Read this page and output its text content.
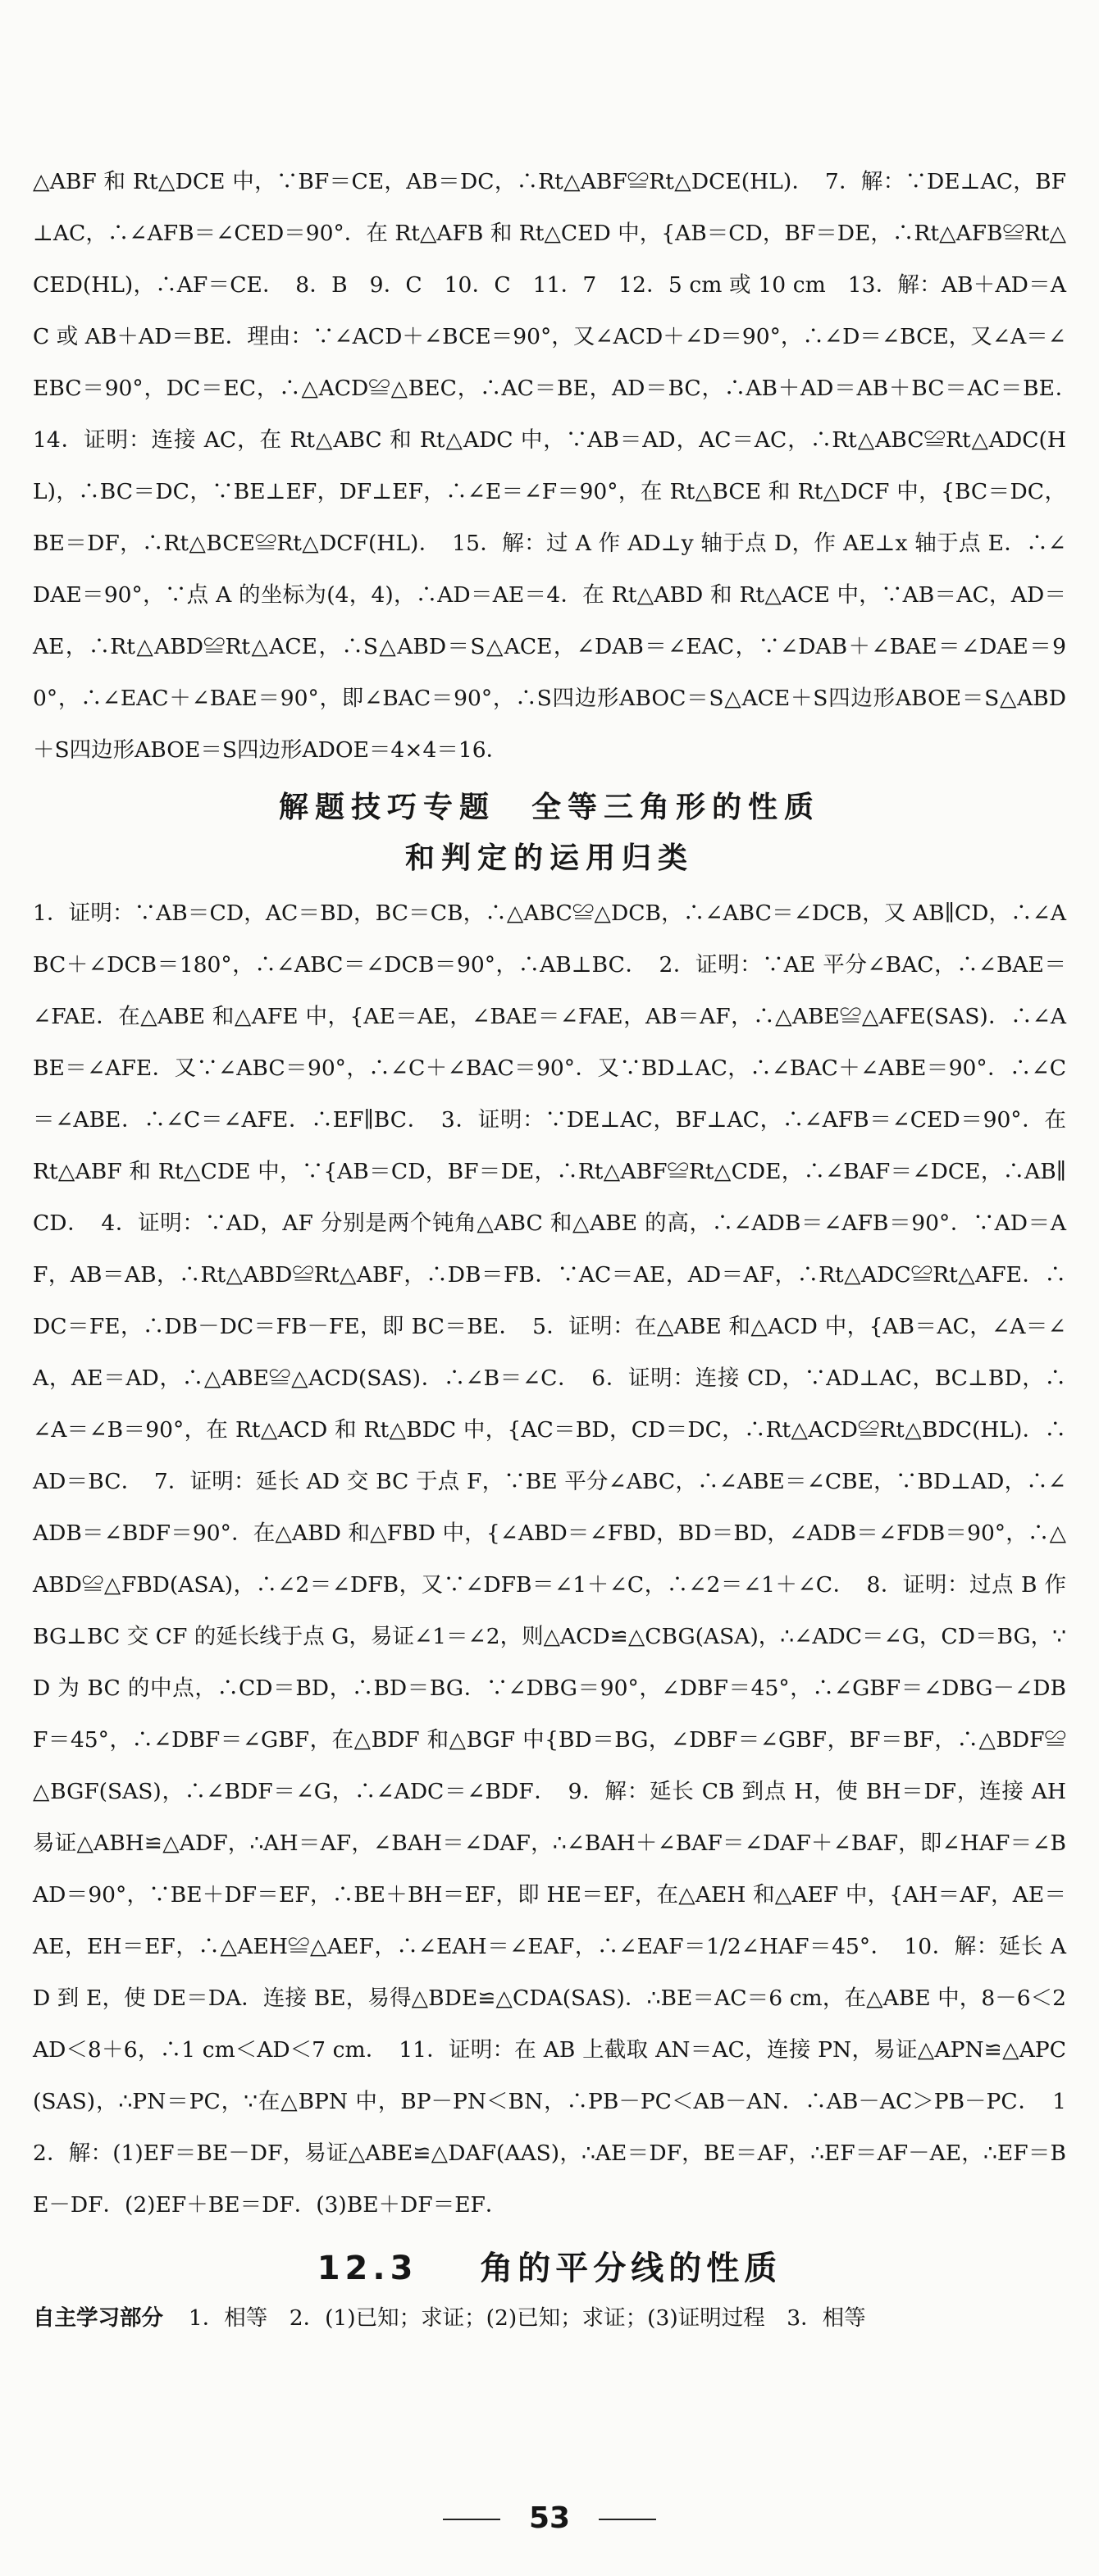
△ABF 和 Rt△DCE 中，∵BF＝CE，AB＝DC，∴Rt△ABF≌Rt△DCE(HL)．　7．解：∵DE⊥AC，BF⊥AC，∴∠AFB＝∠CED＝90°．在 Rt△AFB 和 Rt△CED 中，{AB＝CD，BF＝DE，∴Rt△AFB≌Rt△CED(HL)，∴AF＝CE．　8．B　9．C　10．C　11．7　12．5 cm 或 10 cm　13．解：AB＋AD＝AC 或 AB＋AD＝BE．理由：∵∠ACD＋∠BCE＝90°，又∠ACD＋∠D＝90°，∴∠D＝∠BCE，又∠A＝∠EBC＝90°，DC＝EC，∴△ACD≌△BEC，∴AC＝BE，AD＝BC，∴AB＋AD＝AB＋BC＝AC＝BE．　14．证明：连接 AC，在 Rt△ABC 和 Rt△ADC 中，∵AB＝AD，AC＝AC，∴Rt△ABC≌Rt△ADC(HL)，∴BC＝DC，∵BE⊥EF，DF⊥EF，∴∠E＝∠F＝90°，在 Rt△BCE 和 Rt△DCF 中，{BC＝DC，BE＝DF，∴Rt△BCE≌Rt△DCF(HL)．　15．解：过 A 作 AD⊥y 轴于点 D，作 AE⊥x 轴于点 E．∴∠DAE＝90°，∵点 A 的坐标为(4，4)，∴AD＝AE＝4．在 Rt△ABD 和 Rt△ACE 中，∵AB＝AC，AD＝AE，∴Rt△ABD≌Rt△ACE，∴S△ABD＝S△ACE，∠DAB＝∠EAC，∵∠DAB＋∠BAE＝∠DAE＝90°，∴∠EAC＋∠BAE＝90°，即∠BAC＝90°，∴S四边形ABOC＝S△ACE＋S四边形ABOE＝S△ABD＋S四边形ABOE＝S四边形ADOE＝4×4＝16．

解题技巧专题　全等三角形的性质
和判定的运用归类

1．证明：∵AB＝CD，AC＝BD，BC＝CB，∴△ABC≌△DCB，∴∠ABC＝∠DCB，又 AB∥CD，∴∠ABC＋∠DCB＝180°，∴∠ABC＝∠DCB＝90°，∴AB⊥BC．　2．证明：∵AE 平分∠BAC，∴∠BAE＝∠FAE．在△ABE 和△AFE 中，{AE＝AE，∠BAE＝∠FAE，AB＝AF，∴△ABE≌△AFE(SAS)．∴∠ABE＝∠AFE．又∵∠ABC＝90°，∴∠C＋∠BAC＝90°．又∵BD⊥AC，∴∠BAC＋∠ABE＝90°．∴∠C＝∠ABE．∴∠C＝∠AFE．∴EF∥BC．　3．证明：∵DE⊥AC，BF⊥AC，∴∠AFB＝∠CED＝90°．在 Rt△ABF 和 Rt△CDE 中，∵{AB＝CD，BF＝DE，∴Rt△ABF≌Rt△CDE，∴∠BAF＝∠DCE，∴AB∥CD．　4．证明：∵AD，AF 分别是两个钝角△ABC 和△ABE 的高，∴∠ADB＝∠AFB＝90°．∵AD＝AF，AB＝AB，∴Rt△ABD≌Rt△ABF，∴DB＝FB．∵AC＝AE，AD＝AF，∴Rt△ADC≌Rt△AFE．∴DC＝FE，∴DB－DC＝FB－FE，即 BC＝BE．　5．证明：在△ABE 和△ACD 中，{AB＝AC，∠A＝∠A，AE＝AD，∴△ABE≌△ACD(SAS)．∴∠B＝∠C．　6．证明：连接 CD，∵AD⊥AC，BC⊥BD，∴∠A＝∠B＝90°，在 Rt△ACD 和 Rt△BDC 中，{AC＝BD，CD＝DC，∴Rt△ACD≌Rt△BDC(HL)．∴AD＝BC．　7．证明：延长 AD 交 BC 于点 F，∵BE 平分∠ABC，∴∠ABE＝∠CBE，∵BD⊥AD，∴∠ADB＝∠BDF＝90°．在△ABD 和△FBD 中，{∠ABD＝∠FBD，BD＝BD，∠ADB＝∠FDB＝90°，∴△ABD≌△FBD(ASA)，∴∠2＝∠DFB，又∵∠DFB＝∠1＋∠C，∴∠2＝∠1＋∠C．　8．证明：过点 B 作 BG⊥BC 交 CF 的延长线于点 G，易证∠1＝∠2，则△ACD≌△CBG(ASA)，∴∠ADC＝∠G，CD＝BG，∵D 为 BC 的中点，∴CD＝BD，∴BD＝BG．∵∠DBG＝90°，∠DBF＝45°，∴∠GBF＝∠DBG－∠DBF＝45°，∴∠DBF＝∠GBF，在△BDF 和△BGF 中{BD＝BG，∠DBF＝∠GBF，BF＝BF，∴△BDF≌△BGF(SAS)，∴∠BDF＝∠G，∴∠ADC＝∠BDF．　9．解：延长 CB 到点 H，使 BH＝DF，连接 AH 易证△ABH≌△ADF，∴AH＝AF，∠BAH＝∠DAF，∴∠BAH＋∠BAF＝∠DAF＋∠BAF，即∠HAF＝∠BAD＝90°，∵BE＋DF＝EF，∴BE＋BH＝EF，即 HE＝EF，在△AEH 和△AEF 中，{AH＝AF，AE＝AE，EH＝EF，∴△AEH≌△AEF，∴∠EAH＝∠EAF，∴∠EAF＝1/2∠HAF＝45°．　10．解：延长 AD 到 E，使 DE＝DA．连接 BE，易得△BDE≌△CDA(SAS)．∴BE＝AC＝6 cm，在△ABE 中，8－6＜2AD＜8＋6，∴1 cm＜AD＜7 cm．　11．证明：在 AB 上截取 AN＝AC，连接 PN，易证△APN≌△APC(SAS)，∴PN＝PC，∵在△BPN 中，BP－PN＜BN，∴PB－PC＜AB－AN．∴AB－AC＞PB－PC．　12．解：(1)EF＝BE－DF，易证△ABE≌△DAF(AAS)，∴AE＝DF，BE＝AF，∴EF＝AF－AE，∴EF＝BE－DF．(2)EF＋BE＝DF．(3)BE＋DF＝EF．

12.3 角的平分线的性质

自主学习部分 1．相等　2．(1)已知；求证；(2)已知；求证；(3)证明过程　3．相等

53
